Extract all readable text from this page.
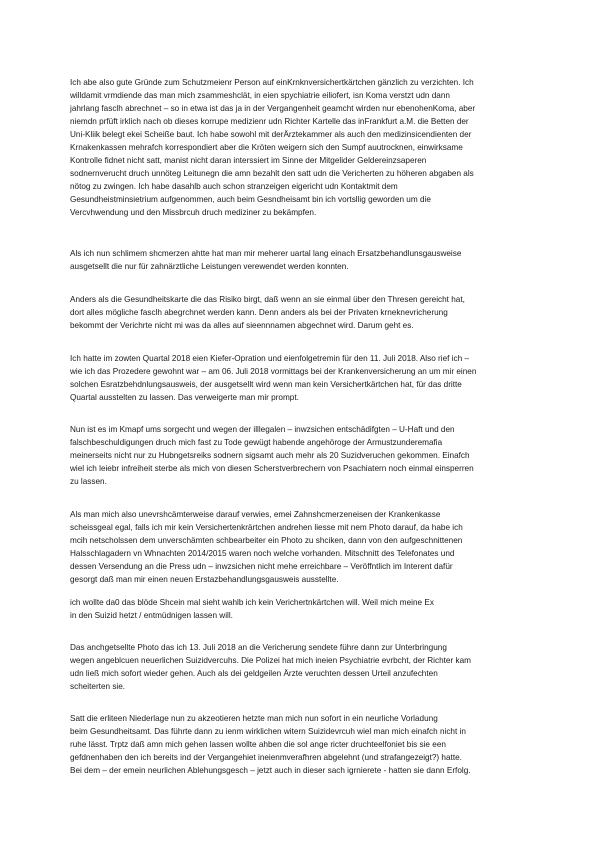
Ich abe also gute Gründe zum Schutzmeienr Person auf einKrnknversichertkärtchen gänzlich zu verzichten. Ich
willdamit vrmdiende das man mich zsammeshclät, in eien spychiatrie eiliofert, isn Koma verstzt udn dann
jahrlang fasclh abrechnet – so in etwa ist das ja in der Vergangenheit geamcht wirden nur ebenohenKoma, aber
niemdn prfüft irklich nach ob dieses korrupe medizienr udn Richter Kartelle das inFrankfurt a.M. die Betten der
Uni-Kliik belegt ekei Scheiße baut. Ich habe sowohl mit derÄrztekammer als auch den medizinsicendienten der
Krnakenkassen mehrafch korrespondiert aber die Kröten weigern sich den Sumpf auutrocknen, einwirksame
Kontrolle fidnet nicht satt, manist nicht daran interssiert im Sinne der Mitgelider Geldereinzsaperen
sodnernverucht druch unnöteg Leitunegn die amn bezahlt den satt udn die Vericherten zu höheren abgaben als
nötog zu zwingen. Ich habe dasahlb auch schon stranzeigen eigericht udn Kontaktmit dem
Gesundheistminsietrium aufgenommen, auch beim Gesndheisamt bin ich vortsllig geworden um die
Vercvhwendung und den Missbrcuh druch mediziner zu bekämpfen.
Als ich nun schlimem shcmerzen ahtte hat man mir meherer uartal lang einach Ersatzbehandlunsgausweise
ausgetsellt die nur für zahnärztliche Leistungen verewendet werden konnten.
Anders als die Gesundheitskarte die das Risiko birgt, daß wenn an sie einmal über den Thresen gereicht hat,
dort alles mögliche fasclh abegrchnet werden kann. Denn anders als bei der Privaten krneknevricherung
bekommt der Verichrte nicht mi was da alles auf sieennnamen abgechnet wird. Darum geht es.
Ich hatte im zowten Quartal 2018 eien Kiefer-Opration und eienfolgetremin für den 11. Juli 2018. Also rief ich –
wie ich das Prozedere gewohnt war – am 06. Juli 2018 vormittags bei der Krankenversicherung an um mir einen
solchen Esratzbehdnlungsausweis, der ausgetsellt wird wenn man kein Versichertkärtchen hat, für das dritte
Quartal ausstelten zu lassen. Das verweigerte man mir prompt.
Nun ist es im Kmapf ums sorgecht und wegen der illlegalen – inwzsichen entschädifgten – U-Haft und den
falschbeschuldigungen druch mich fast zu Tode gewügt habende angehöroge der Armustzunderemafia
meinerseits nicht nur zu Hubngetsreiks sodnern sigsamt auch mehr als 20 Suzidveruchen gekommen. Einafch
wiel ich leiebr infreiheit sterbe als mich von diesen Scherstverbrechern von Psachiatern noch einmal einsperren
zu lassen.
Als man mich also unevrshcämterweise darauf verwies, emei Zahnshcmerzeneisen der Krankenkasse
scheissgeal egal, falls ich mir kein Versichertenkrärtchen andrehen liesse mit nem Photo darauf, da habe ich
mcih netscholssen dem unverschämten schbearbeiter ein Photo zu shciken, dann von den aufgeschnittenen
Halsschlagadern vn Whnachten 2014/2015 waren noch welche vorhanden. Mitschnitt des Telefonates und
dessen Versendung an die Press udn – inwzsichen nicht mehe erreichbare – Veröffntlich im Interent dafür
gesorgt daß man mir einen neuen Erstazbehandlungsgausweis ausstellte.
ich wollte da0 das blöde Shcein mal sieht wahlb ich kein Verichertnkärtchen will. Weil mich meine Ex
in den Suizid hetzt / entmüdnigen lassen will.
Das anchgetsellte Photo das ich 13. Juli 2018 an die Vericherung sendete führe dann zur Unterbringung
wegen angeblcuen neuerlichen Suizidvercuhs. Die Polizei hat mich ineien Psychiatrie evrbcht, der Richter kam
udn ließ mich sofort wieder gehen. Auch als dei geldgeilen Ärzte veruchten dessen Urteil anzufechten
scheiterten sie.
Satt die erliteen Niederlage nun zu akzeotieren hetzte man mich nun sofort in ein neurliche Vorladung
beim Gesundheitsamt. Das führte dann zu ienm wirklichen witern Suizidevrcuh wiel man mich einafch nicht in
ruhe lässt. Trptz daß amn mich gehen lassen wollte ahben die sol ange ricter druchteelfoniet bis sie een
gefdnenhaben den ich bereits ind der Vergangehiet ineienmverafhren abgelehnt (und strafangezeigt?) hatte.
Bei dem – der emein neurlichen Ablehungsgesch – jetzt auch in dieser sach igrnierete - hatten sie dann Erfolg.
